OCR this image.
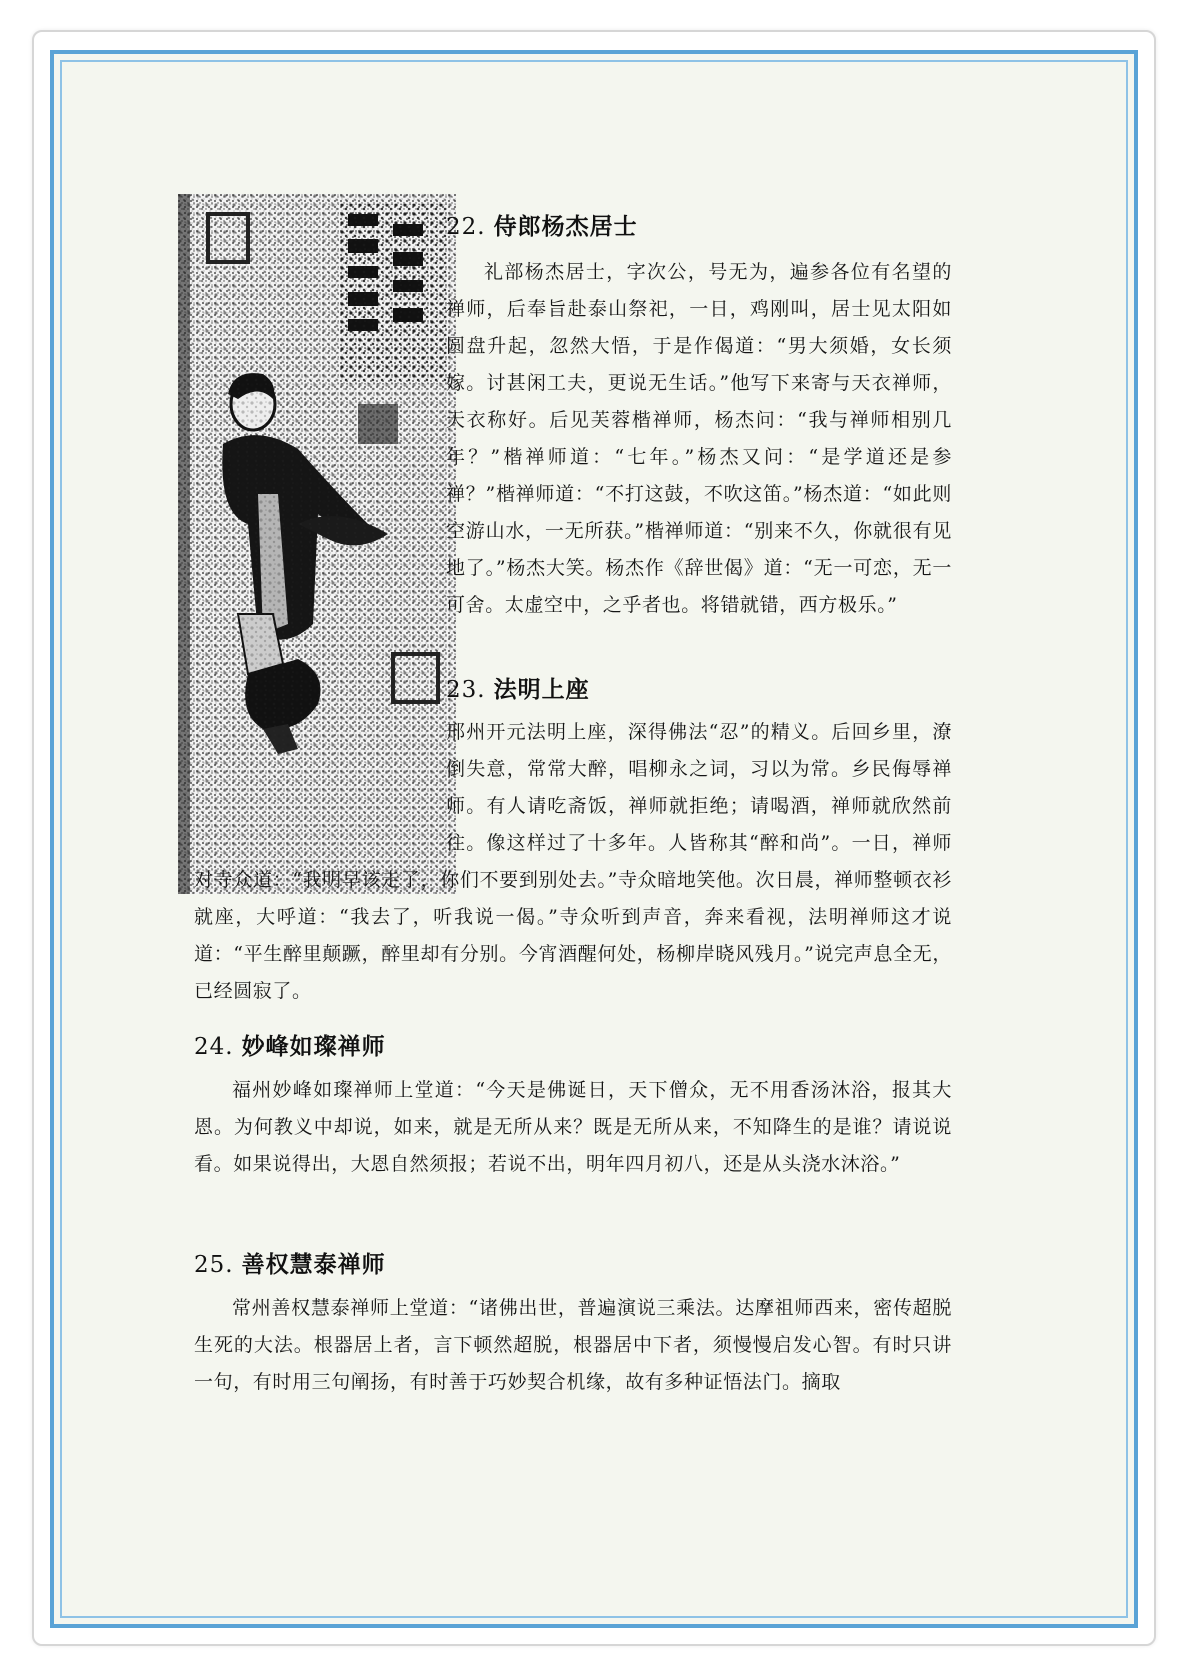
22. 侍郎杨杰居士

礼部杨杰居士，字次公，号无为，遍参各位有名望的禅师，后奉旨赴泰山祭祀，一日，鸡刚叫，居士见太阳如圆盘升起，忽然大悟，于是作偈道：“男大须婚，女长须嫁。讨甚闲工夫，更说无生话。”他写下来寄与天衣禅师，天衣称好。后见芙蓉楷禅师，杨杰问：“我与禅师相别几年？”楷禅师道：“七年。”杨杰又问：“是学道还是参禅？”楷禅师道：“不打这鼓，不吹这笛。”杨杰道：“如此则空游山水，一无所获。”楷禅师道：“别来不久，你就很有见地了。”杨杰大笑。杨杰作《辞世偈》道：“无一可恋，无一可舍。太虚空中，之乎者也。将错就错，西方极乐。”

23. 法明上座

邢州开元法明上座，深得佛法“忍”的精义。后回乡里，潦倒失意，常常大醉，唱柳永之词，习以为常。乡民侮辱禅师。有人请吃斋饭，禅师就拒绝；请喝酒，禅师就欣然前往。像这样过了十多年。人皆称其“醉和尚”。一日，禅师对寺众道：“我明早该走了，你们不要到别处去。”寺众暗地笑他。次日晨，禅师整顿衣衫就座，大呼道：“我去了，听我说一偈。”寺众听到声音，奔来看视，法明禅师这才说道：“平生醉里颠蹶，醉里却有分别。今宵酒醒何处，杨柳岸晓风残月。”说完声息全无，已经圆寂了。

24. 妙峰如璨禅师

福州妙峰如璨禅师上堂道：“今天是佛诞日，天下僧众，无不用香汤沐浴，报其大恩。为何教义中却说，如来，就是无所从来？既是无所从来，不知降生的是谁？请说说看。如果说得出，大恩自然须报；若说不出，明年四月初八，还是从头浇水沐浴。”

25. 善权慧泰禅师

常州善权慧泰禅师上堂道：“诸佛出世，普遍演说三乘法。达摩祖师西来，密传超脱生死的大法。根器居上者，言下顿然超脱，根器居中下者，须慢慢启发心智。有时只讲一句，有时用三句阐扬，有时善于巧妙契合机缘，故有多种证悟法门。摘取
